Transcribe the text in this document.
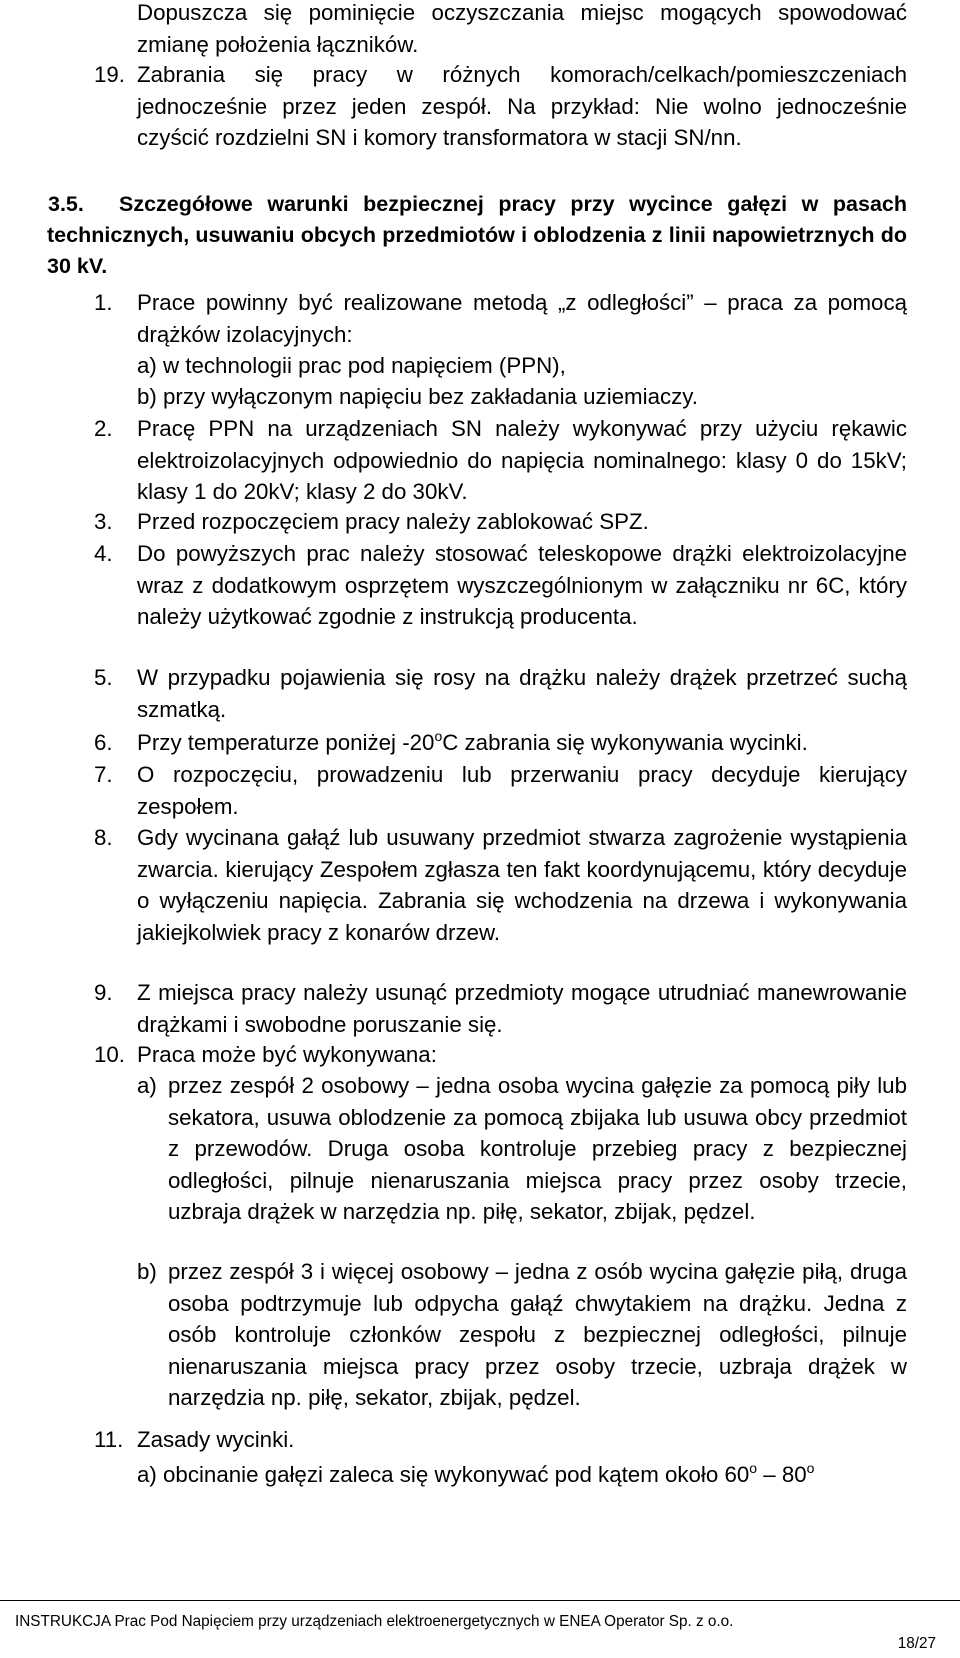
Dopuszcza się pominięcie oczyszczania miejsc mogących spowodować zmianę położenia łączników.

19. Zabrania się pracy w różnych komorach/celkach/pomieszczeniach jednocześnie przez jeden zespół. Na przykład: Nie wolno jednocześnie czyścić rozdzielni SN i komory transformatora w stacji SN/nn.

3.5.	Szczegółowe warunki bezpiecznej pracy przy wycince gałęzi w pasach technicznych, usuwaniu obcych przedmiotów i oblodzenia z linii napowietrznych do 30 kV.

1. Prace powinny być realizowane metodą „z odległości” – praca za pomocą drążków izolacyjnych:

a) w technologii prac pod napięciem (PPN),

b) przy wyłączonym napięciu bez zakładania uziemiaczy.

2. Pracę PPN na urządzeniach SN należy wykonywać przy użyciu rękawic elektroizolacyjnych odpowiednio do napięcia nominalnego: klasy 0 do 15kV; klasy 1 do 20kV; klasy 2 do 30kV.

3. Przed rozpoczęciem pracy należy zablokować SPZ.

4. Do powyższych prac należy stosować teleskopowe drążki elektroizolacyjne wraz z dodatkowym osprzętem wyszczególnionym w załączniku nr 6C, który należy użytkować zgodnie z instrukcją producenta.

5. W przypadku pojawienia się rosy na drążku należy drążek przetrzeć suchą szmatką.

6. Przy temperaturze poniżej -20$^o$C zabrania się wykonywania wycinki.

7. O rozpoczęciu, prowadzeniu lub przerwaniu pracy decyduje kierujący zespołem.

8. Gdy wycinana gałąź lub usuwany przedmiot stwarza zagrożenie wystąpienia zwarcia. kierujący Zespołem zgłasza ten fakt koordynującemu, który decyduje o wyłączeniu napięcia. Zabrania się wchodzenia na drzewa i wykonywania jakiejkolwiek pracy z konarów drzew.

9. Z miejsca pracy należy usunąć przedmioty mogące utrudniać manewrowanie drążkami i swobodne poruszanie się.

10. Praca może być wykonywana:

a) przez zespół 2 osobowy – jedna osoba wycina gałęzie za pomocą piły lub sekatora, usuwa oblodzenie za pomocą zbijaka lub usuwa obcy przedmiot z przewodów. Druga osoba kontroluje przebieg pracy z bezpiecznej odległości, pilnuje nienaruszania miejsca pracy przez osoby trzecie, uzbraja drążek w narzędzia np. piłę, sekator, zbijak, pędzel.

b) przez zespół 3 i więcej osobowy – jedna z osób wycina gałęzie piłą, druga osoba podtrzymuje lub odpycha gałąź chwytakiem na drążku. Jedna z osób kontroluje członków zespołu z bezpiecznej odległości, pilnuje nienaruszania miejsca pracy przez osoby trzecie, uzbraja drążek w narzędzia np. piłę, sekator, zbijak, pędzel.

11. Zasady wycinki.

a) obcinanie gałęzi zaleca się wykonywać pod kątem około 60$^o$ – 80$^o$

INSTRUKCJA Prac Pod Napięciem przy urządzeniach elektroenergetycznych w ENEA Operator Sp. z o.o.
18/27
